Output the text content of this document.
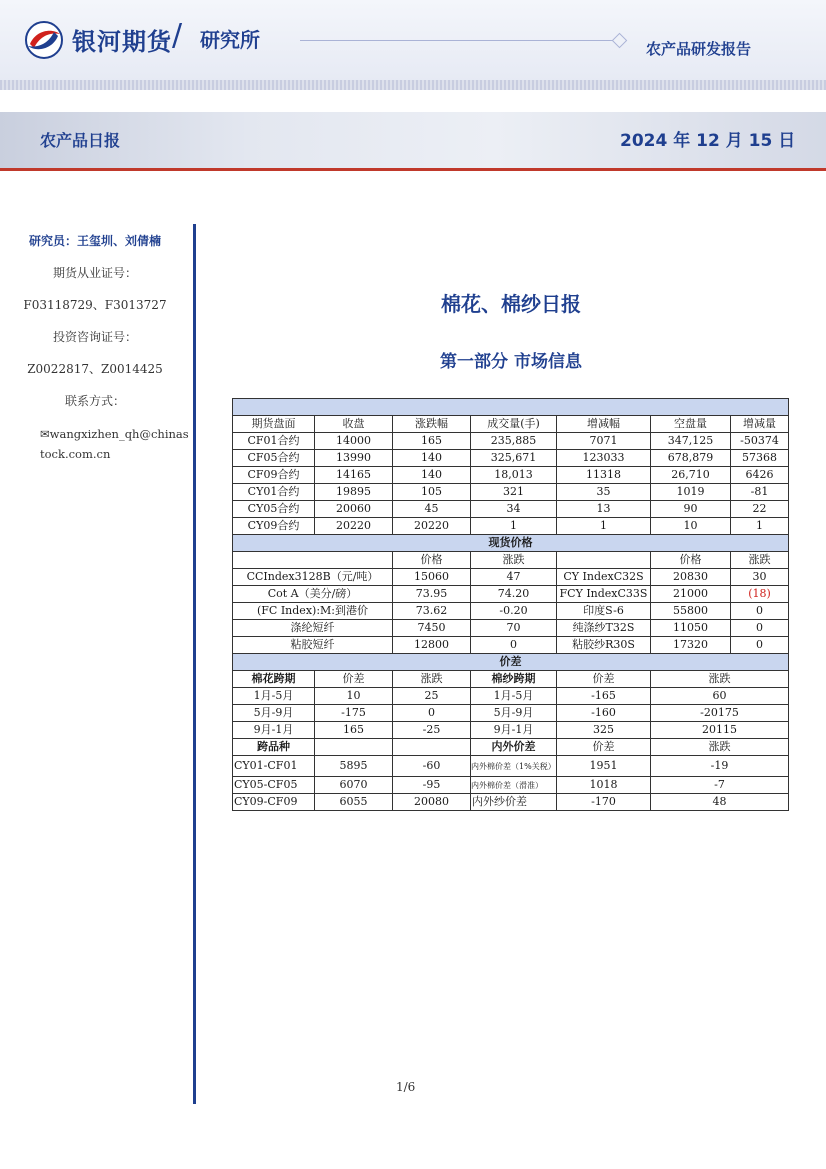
银河期货 / 研究所	农产品研发报告
农产品日报	2024 年 12 月 15 日
研究员：王玺圳、刘倩楠
期货从业证号：
F03118729、F3013727
投资咨询证号：
Z0022817、Z0014425
联系方式：
✉wangxizhen_qh@chinastock.com.cn
棉花、棉纱日报
第一部分 市场信息

期货盘面	收盘	涨跌幅	成交量(手)	增减幅	空盘量	增减量
CF01合约	14000	165	235,885	7071	347,125	-50374
CF05合约	13990	140	325,671	123033	678,879	57368
CF09合约	14165	140	18,013	11318	26,710	6426
CY01合约	19895	105	321	35	1019	-81
CY05合约	20060	45	34	13	90	22
CY09合约	20220	20220	1	1	10	1
现货价格						
		价格	涨跌		价格	涨跌
CCIndex3128B（元/吨）		15060	47	CY IndexC32S	20830	30
Cot A（美分/磅）		73.95	74.20	FCY IndexC33S	21000	(18)
(FC Index):M:到港价		73.62	-0.20	印度S-6	55800	0
涤纶短纤		7450	70	纯涤纱T32S	11050	0
粘胶短纤		12800	0	粘胶纱R30S	17320	0
价差						
棉花跨期	价差	涨跌	棉纱跨期	价差	涨跌	
1月-5月	10	25	1月-5月	-165	60	
5月-9月	-175	0	5月-9月	-160	-20175	
9月-1月	165	-25	9月-1月	325	20115	
跨品种			内外价差	价差	涨跌	
CY01-CF01	5895	-60	内外棉价差（1%关税）	1951	-19	
CY05-CF05	6070	-95	内外棉价差（滑准）	1018	-7	
CY09-CF09	6055	20080	内外纱价差	-170	48	
1/6
